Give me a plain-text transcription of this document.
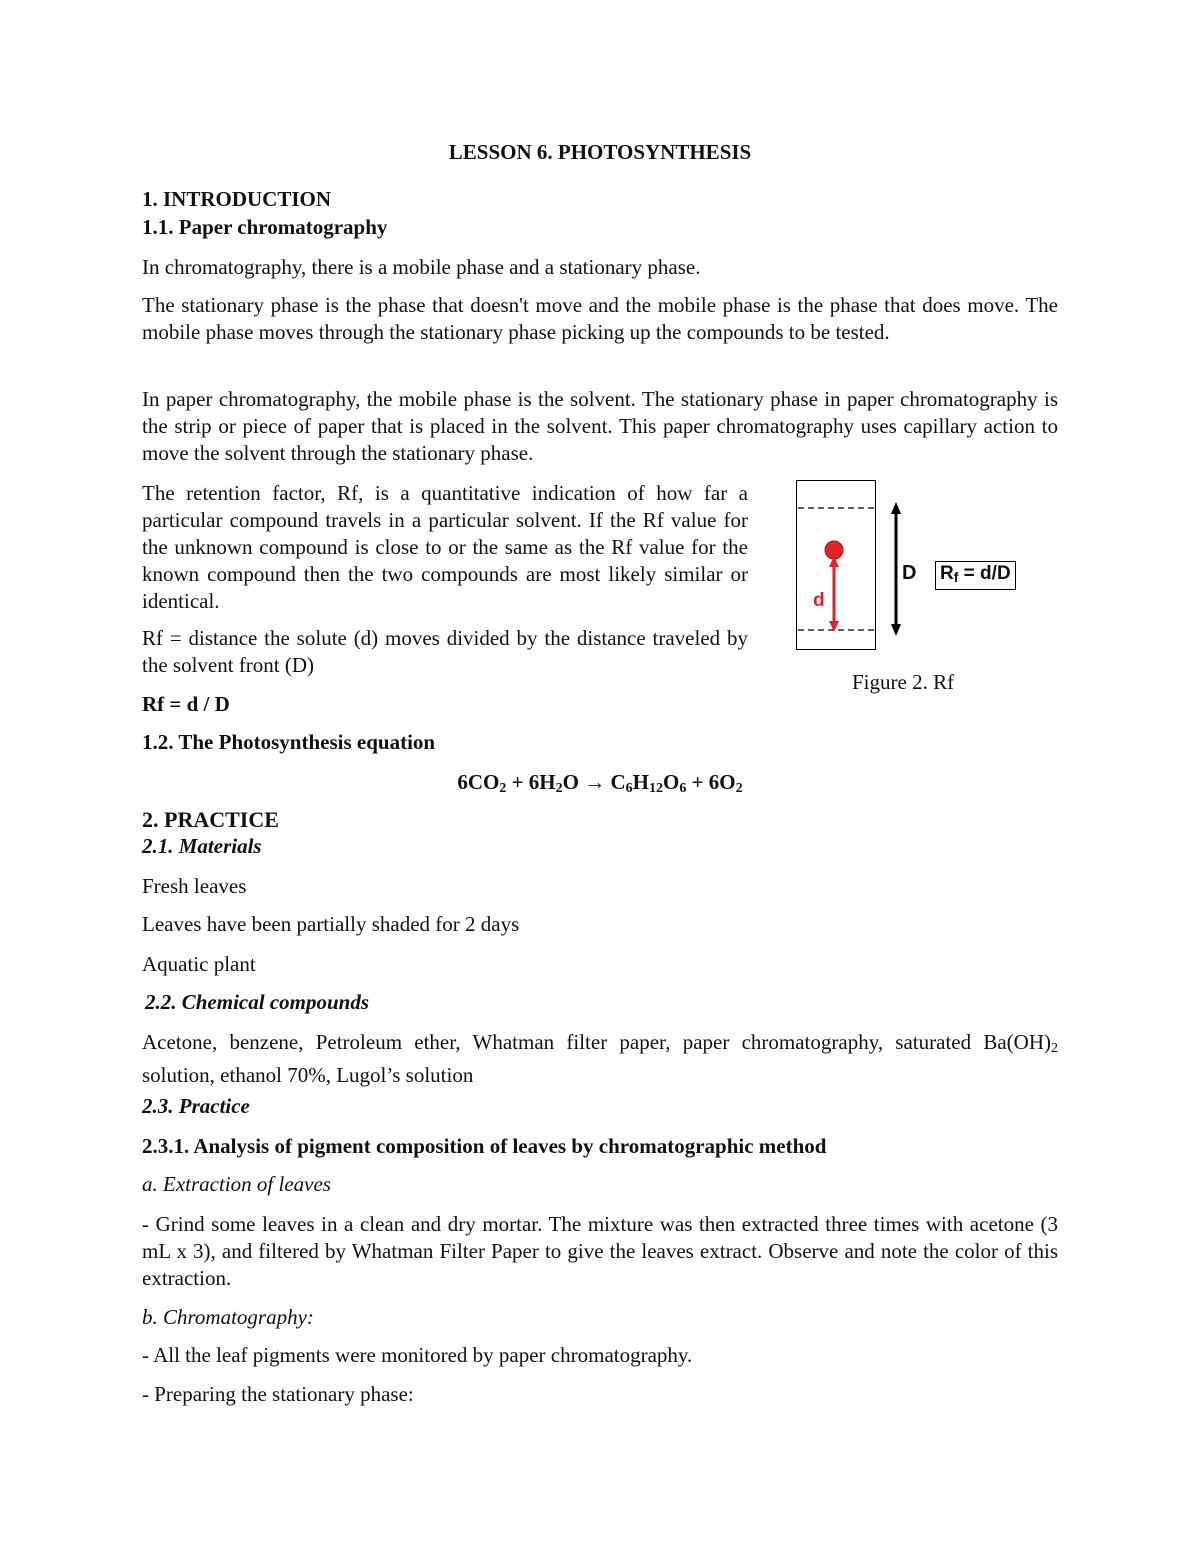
LESSON 6. PHOTOSYNTHESIS

1. INTRODUCTION

1.1. Paper chromatography

In chromatography, there is a mobile phase and a stationary phase.

The stationary phase is the phase that doesn't move and the mobile phase is the phase that does move. The mobile phase moves through the stationary phase picking up the compounds to be tested.

In paper chromatography, the mobile phase is the solvent. The stationary phase in paper chromatography is the strip or piece of paper that is placed in the solvent. This paper chromatography uses capillary action to move the solvent through the stationary phase.

The retention factor, Rf, is a quantitative indication of how far a particular compound travels in a particular solvent. If the Rf value for the unknown compound is close to or the same as the Rf value for the known compound then the two compounds are most likely similar or identical.

Rf = distance the solute (d) moves divided by the distance traveled by the solvent front (D)

Rf = d / D

d
D $R_f = d/D$

Figure 2. Rf

1.2. The Photosynthesis equation

$6CO_2 + 6H_2O \to C_6H_{12}O_6 + 6O_2$

2. PRACTICE

2.1. Materials

Fresh leaves

Leaves have been partially shaded for 2 days

Aquatic plant

2.2. Chemical compounds

Acetone, benzene, Petroleum ether, Whatman filter paper, paper chromatography, saturated $Ba(OH)_2$ solution, ethanol 70%, Lugol’s solution

2.3. Practice

2.3.1. Analysis of pigment composition of leaves by chromatographic method

a. Extraction of leaves

- Grind some leaves in a clean and dry mortar. The mixture was then extracted three times with acetone (3 mL x 3), and filtered by Whatman Filter Paper to give the leaves extract. Observe and note the color of this extraction.

b. Chromatography:

- All the leaf pigments were monitored by paper chromatography.

- Preparing the stationary phase:
